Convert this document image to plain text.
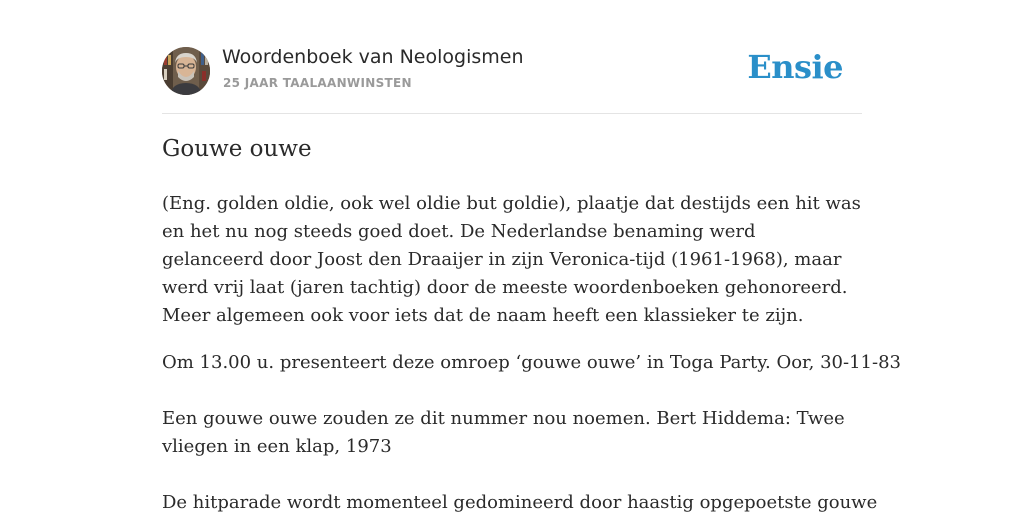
Woordenboek van Neologismen
25 JAAR TAALAANWINSTEN	Ensie
Gouwe ouwe

(Eng. golden oldie, ook wel oldie but goldie), plaatje dat destijds een hit was en het nu nog steeds goed doet. De Nederlandse benaming werd gelanceerd door Joost den Draaijer in zijn Veronica-tijd (1961-1968), maar werd vrij laat (jaren tachtig) door de meeste woordenboeken gehonoreerd. Meer algemeen ook voor iets dat de naam heeft een klassieker te zijn.

Om 13.00 u. presenteert deze omroep ‘gouwe ouwe’ in Toga Party. Oor, 30-11-83

Een gouwe ouwe zouden ze dit nummer nou noemen. Bert Hiddema: Twee vliegen in een klap, 1973

De hitparade wordt momenteel gedomineerd door haastig opgepoetste gouwe
